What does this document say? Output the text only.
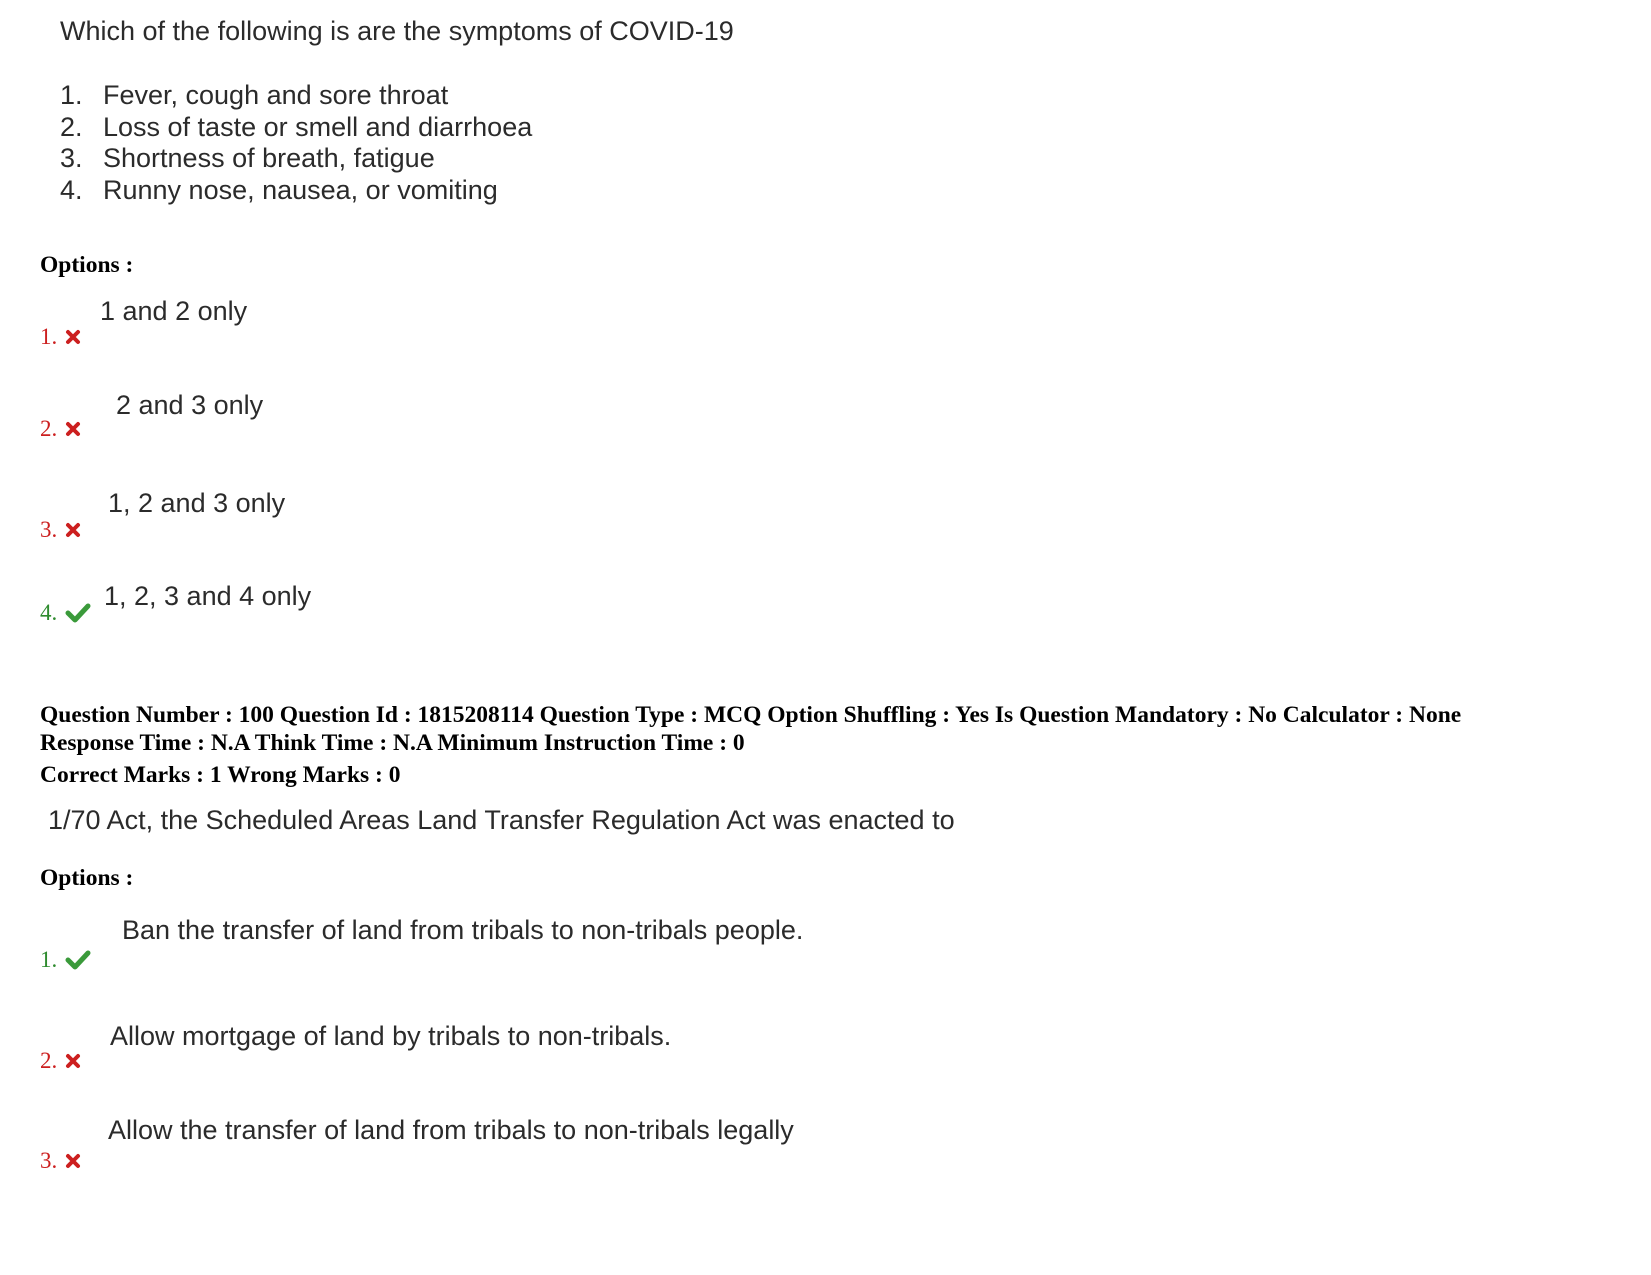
Which of the following is are the symptoms of COVID-19
1. Fever, cough and sore throat
2. Loss of taste or smell and diarrhoea
3. Shortness of breath, fatigue
4. Runny nose, nausea, or vomiting
Options :
1 and 2 only
1.
2 and 3 only
2.
1, 2 and 3 only
3.
1, 2, 3 and 4 only
4.
Question Number : 100 Question Id : 1815208114 Question Type : MCQ Option Shuffling : Yes Is Question Mandatory : No Calculator : None
Response Time : N.A Think Time : N.A Minimum Instruction Time : 0
Correct Marks : 1 Wrong Marks : 0
1/70 Act, the Scheduled Areas Land Transfer Regulation Act was enacted to
Options :
Ban the transfer of land from tribals to non-tribals people.
1.
Allow mortgage of land by tribals to non-tribals.
2.
Allow the transfer of land from tribals to non-tribals legally
3.
